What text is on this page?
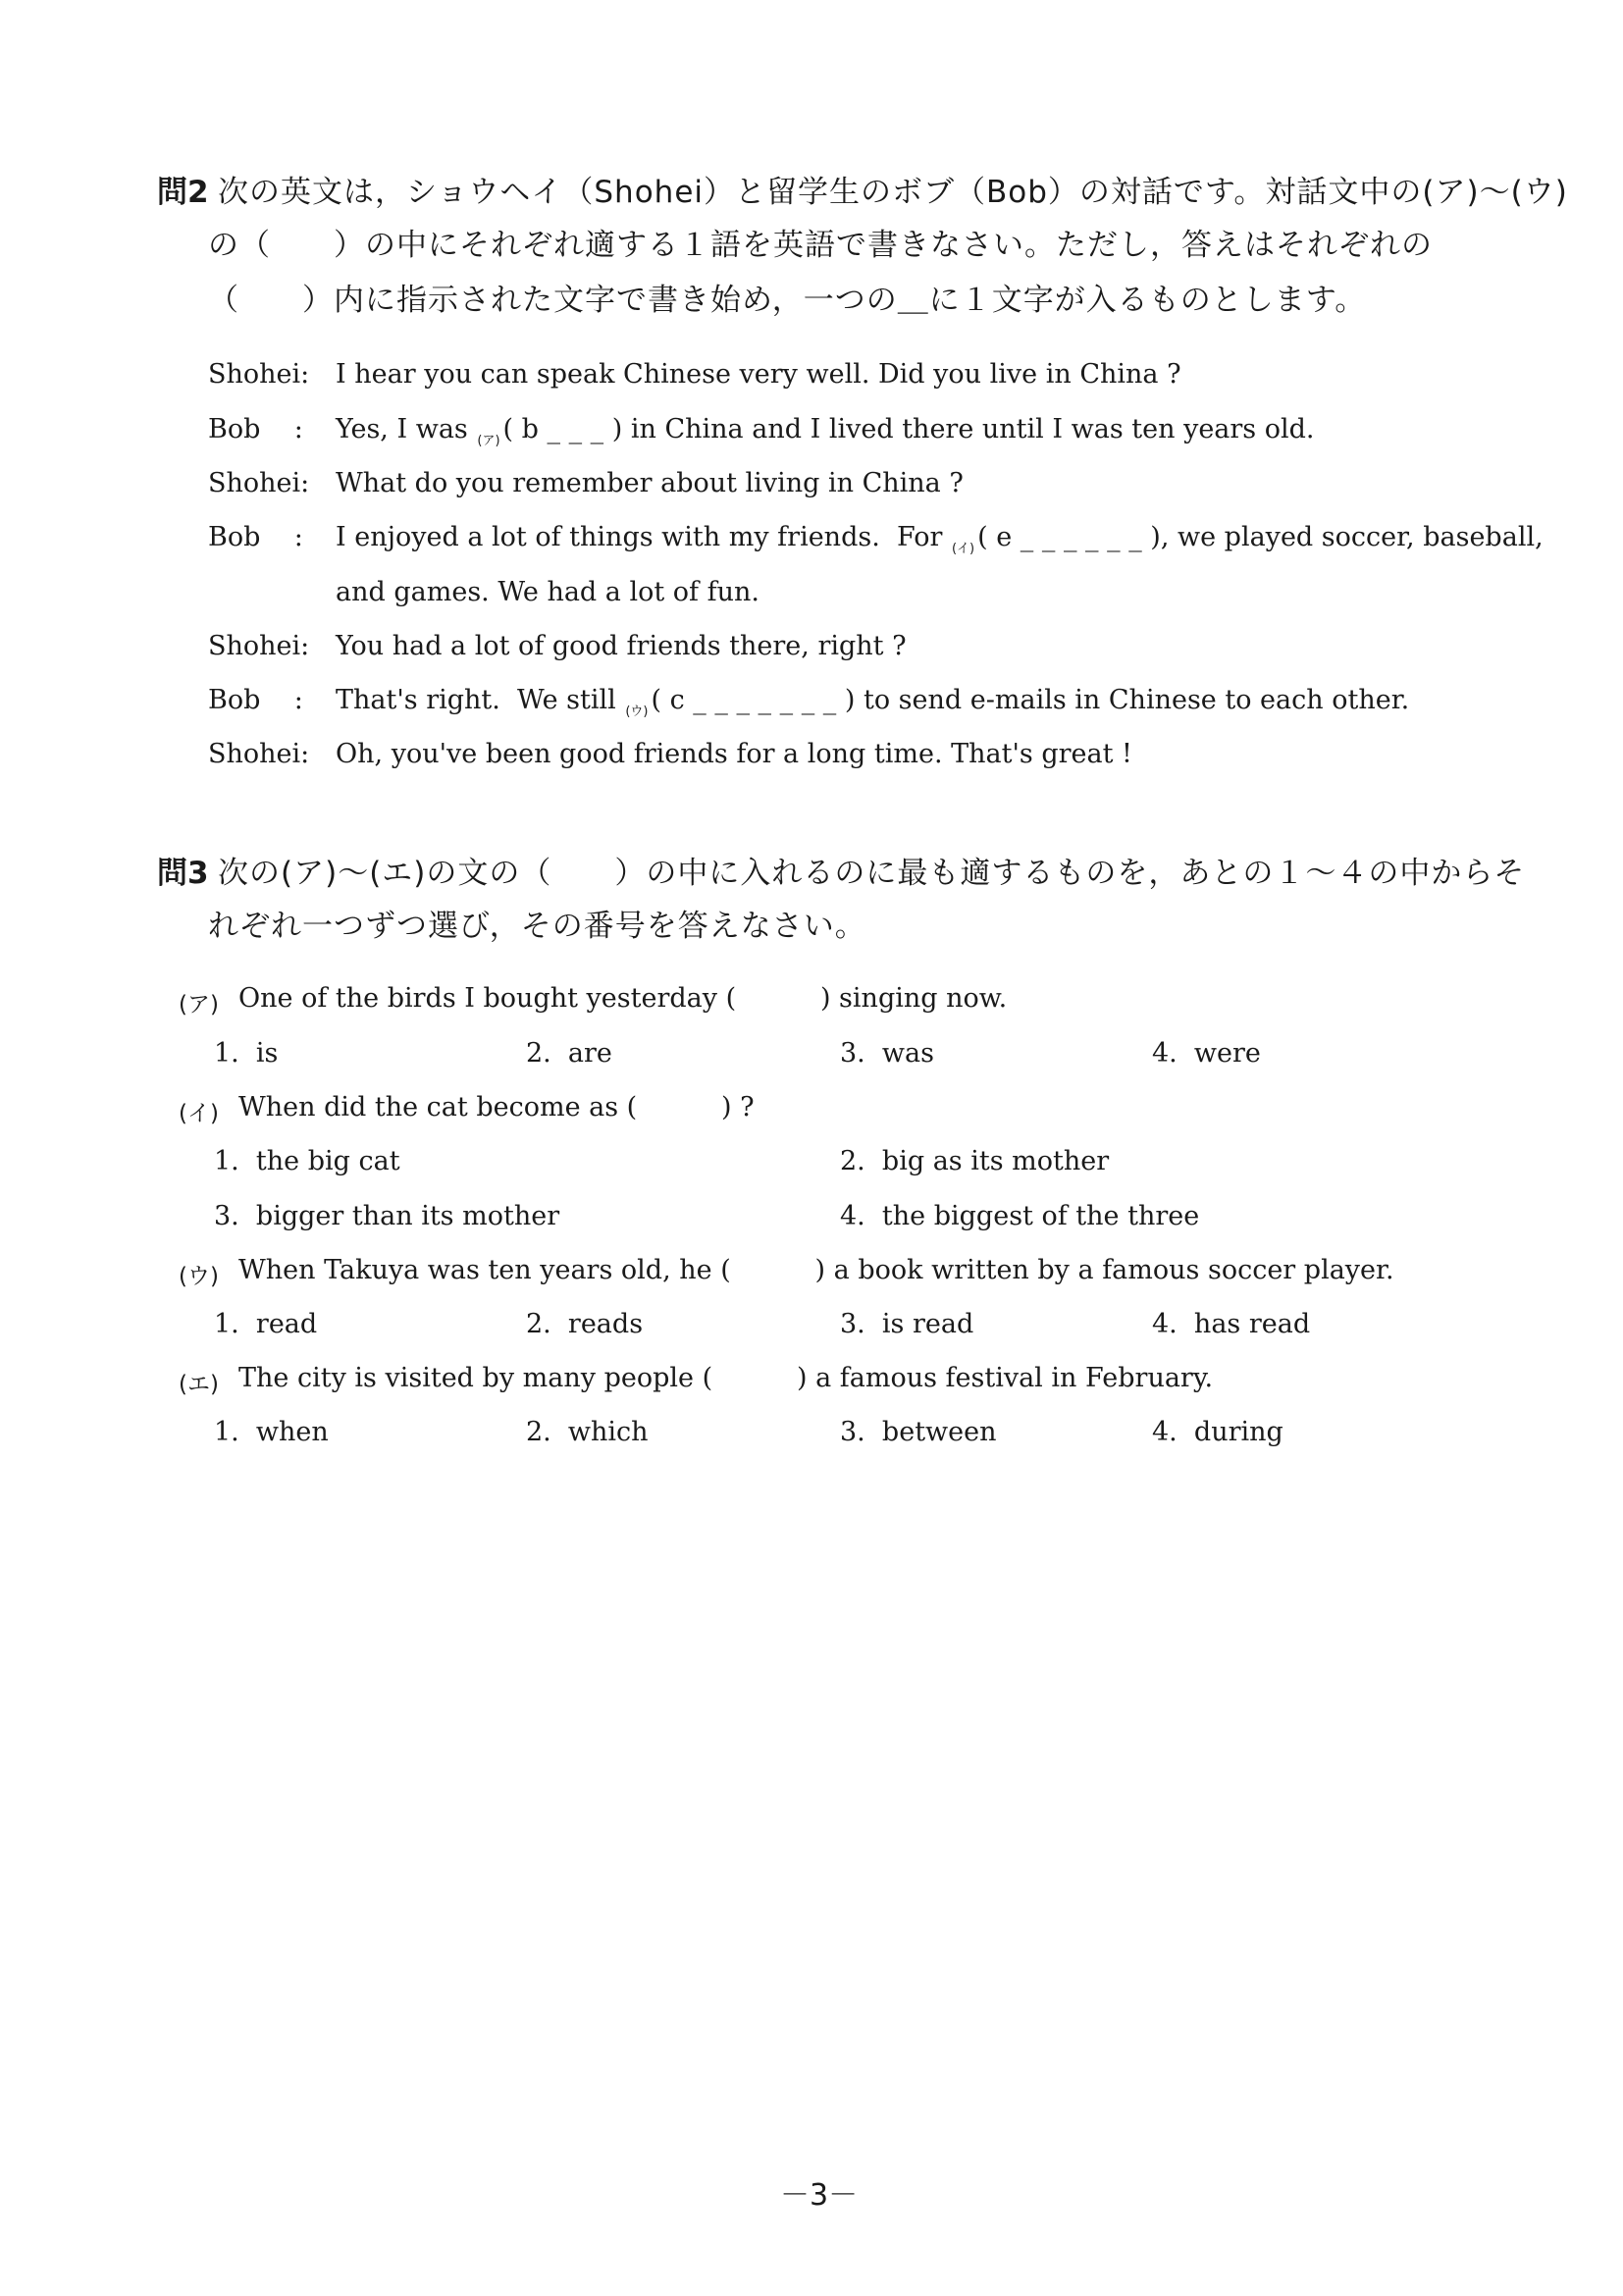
問2 次の英文は，ショウヘイ（Shohei）と留学生のボブ（Bob）の対話です。対話文中の(ア)〜(ウ)
の（　　）の中にそれぞれ適する１語を英語で書きなさい。ただし，答えはそれぞれの
（　　）内に指示された文字で書き始め，一つの＿に１文字が入るものとします。
Shohei: I hear you can speak Chinese very well. Did you live in China ?
Bob    : Yes, I was $_{(ア)}$ ( b _ _ _ ) in China and I lived there until I was ten years old.
Shohei: What do you remember about living in China ?
Bob    : I enjoyed a lot of things with my friends.  For $_{(イ)}$ ( e _ _ _ _ _ _ ), we played soccer, baseball,
and games. We had a lot of fun.
Shohei: You had a lot of good friends there, right ?
Bob    : That's right.  We still $_{(ウ)}$ ( c _ _ _ _ _ _ _ ) to send e-mails in Chinese to each other.
Shohei: Oh, you've been good friends for a long time. That's great !
問3 次の(ア)〜(エ)の文の（　　）の中に入れるのに最も適するものを，あとの１〜４の中からそ
れぞれ一つずつ選び，その番号を答えなさい。
(ア) One of the birds I bought yesterday (          ) singing now.
1.  is	2.  are	3.  was	4.  were
(イ) When did the cat become as (          ) ?
1.  the big cat	2.  big as its mother
3.  bigger than its mother	4.  the biggest of the three
(ウ) When Takuya was ten years old, he (          ) a book written by a famous soccer player.
1.  read	2.  reads	3.  is read	4.  has read
(エ) The city is visited by many people (          ) a famous festival in February.
1.  when	2.  which	3.  between	4.  during
－3－
